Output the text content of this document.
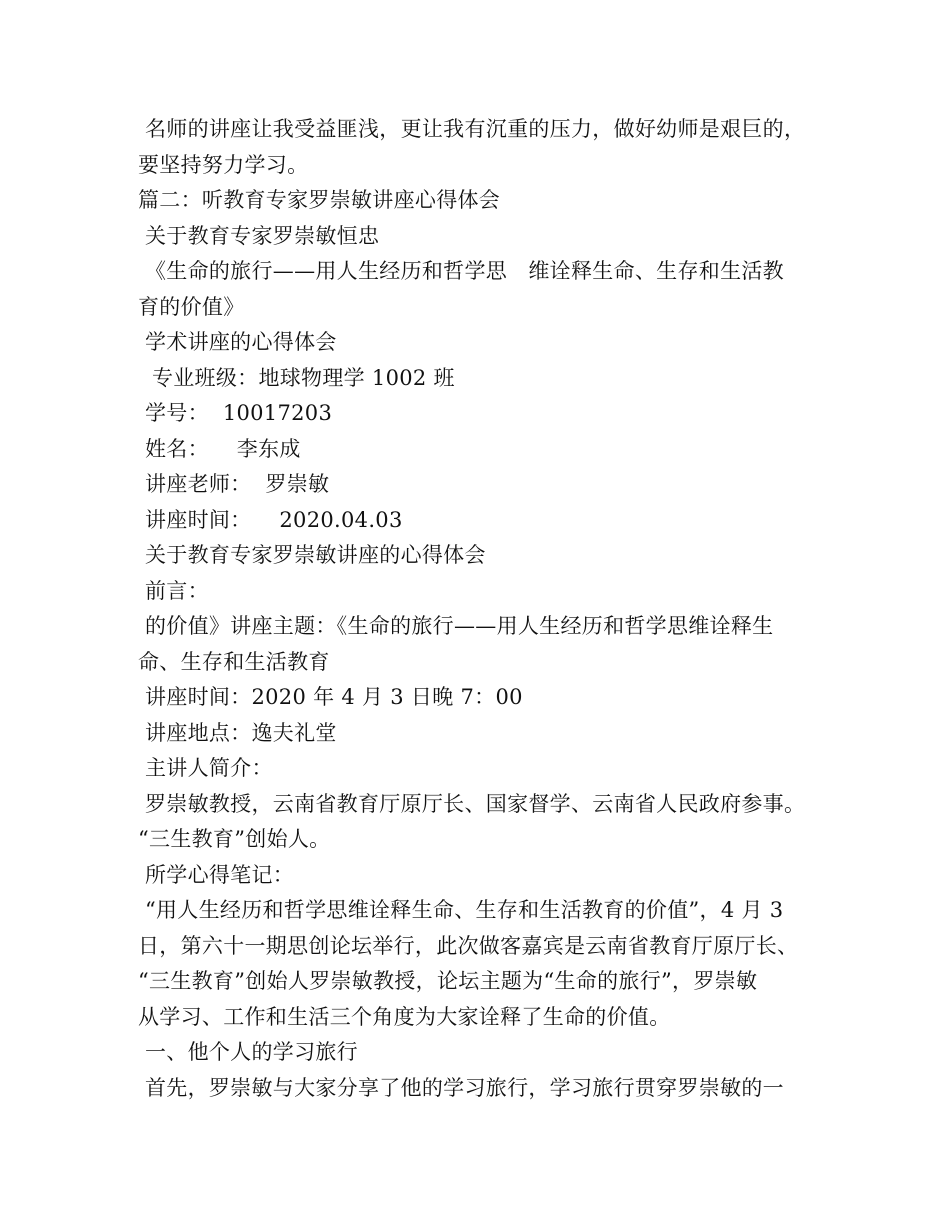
名师的讲座让我受益匪浅，更让我有沉重的压力，做好幼师是艰巨的，
要坚持努力学习。
篇二：听教育专家罗崇敏讲座心得体会
关于教育专家罗崇敏恒忠
《生命的旅行——用人生经历和哲学思　维诠释生命、生存和生活教
育的价值》
学术讲座的心得体会
专业班级：地球物理学 1002 班
学号：  10017203
姓名：    李东成
讲座老师：  罗崇敏
讲座时间：    2020.04.03
关于教育专家罗崇敏讲座的心得体会
前言：
的价值》讲座主题：《生命的旅行——用人生经历和哲学思维诠释生
命、生存和生活教育
讲座时间：2020 年 4 月 3 日晚 7：00
讲座地点：逸夫礼堂
主讲人简介：
罗崇敏教授，云南省教育厅原厅长、国家督学、云南省人民政府参事。
“三生教育”创始人。
所学心得笔记：
“用人生经历和哲学思维诠释生命、生存和生活教育的价值”，4 月 3
日，第六十一期思创论坛举行，此次做客嘉宾是云南省教育厅原厅长、
“三生教育”创始人罗崇敏教授，论坛主题为“生命的旅行”，罗崇敏
从学习、工作和生活三个角度为大家诠释了生命的价值。
一、他个人的学习旅行
首先，罗崇敏与大家分享了他的学习旅行，学习旅行贯穿罗崇敏的一
